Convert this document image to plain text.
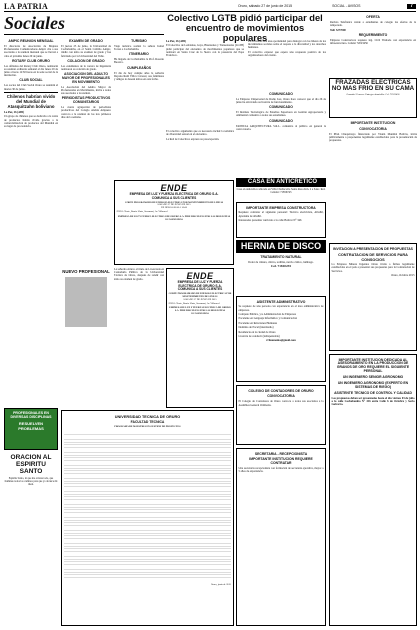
LA PATRIA	Oruro, sábado 27 de junio de 2015	SOCIAL - AVISOS	7
Sociales	Colectivo LGTB pidió participar del encuentro de movimientos populares
AMPIC REUNION MENSUAL

El directorio de Asociación de Mujeres Profesionales Comunicadoras Ampic cita a sus asociadas a la reunión mensual que se llevará a cabo el próximo lunes 29 de junio.

ROTARY CLUB ORURO

Los afiliados del Rotary Club Oruro, realizarán su reunión ordinaria semanal el día lunes 29 de junio a horas 12:30 horas en la sede social de la institución.

CLUB SOCIAL

Los socios del Club Social Oruro se reunirán el martes 30 de junio.

Chilenos habrían vivido del Mundial de Atasquitzahn boliviano

La Paz, 26 (ABI)

Un grupo de chilenos que se dedicaba a la venta de productos habría vivido gracias a la comercialización de productos del Mundial en su lugar de procedencia.

PROFESIONALES EN DIVERSAS DISCIPLINAS
RESUELVEN PROBLEMAS
ORACION AL ESPIRITU SANTO

Espíritu Santo, tú que me aclaras todo, que iluminas todos los caminos para que yo alcance mi ideal.

EXAMEN DE GRADO

El jueves 25 de junio, la Universidad de Cochabamba, en el Salón Cabildo Ampic, rindió con éxito su examen de grado y fue felicitado por la Universidad del Valle.

COLACION DE GRADO

Los estudiantes de la carrera de Ingeniería realizaron su colación de grado.

ASOCIACION DEL ADULTO MAYOR DE PROFESIONALES EN MOVIMIENTO

La Asociación del Adulto Mayor de Profesionales en Movimiento, invita a todos sus asociados a la reunión.

PERIODISTAS PRODUCTIVOS COMUNITARIOS

La cuarta agrupación de periodistas productivos del Colegio Andrés Ampuero convoca a la reunión de los tres primeros días de la semana.

TURISMO

Viaje turístico realizó la señora Isabel Torrez a Cochabamba.

ITINERARIO

Ha llegado de Cochabamba la Prof. Rosario Becerra.

CUMPLEAÑOS

El día de hoy cumple años la señorita Dayana Ruth Villca Cáceres; sus familiares y amigos le desean éxitos en esta fecha.

La Paz, 26 (ABI)

El Colectivo de Lesbianas, Gays, Bisexuales y Transexuales (LGTB) pidió participar del encuentro de movimientos populares que se realizará en Santa Cruz de la Sierra con la presencia del Papa Francisco.

La actividad será una oportunidad para dialogar con los líderes de los movimientos sociales sobre el respeto a la diversidad y los derechos humanos.

El colectivo expresó que espera una respuesta positiva de los organizadores del evento.

ENDE
EMPRESA DE LUZ Y FUERZA ELECTRICA DE ORURO S.A.
COMUNICA A SUS CLIENTES
CORTE PROGRAMADO DE ENERGIA ELECTRICA POR MANTENIMIENTO DE LINEAS
SABADO 27 DE JUNIO DE 2015
DE HORAS 08:30 A 16:00
ZONA: Norte, Barrio Vinto, Socamani, Av. Villarroel
EMPRESA DE LUZ Y FUERZA ELECTRICA DE ORURO S.A. PIDE DISCULPAS POR LAS MOLESTIAS OCASIONADAS
NUEVO PROFESIONAL	La señorita obtuvo el título de Licenciada en Contaduría Pública de la Universidad Técnica de Oruro, después de rendir con éxito su examen de grado.	ENDE
EMPRESA DE LUZ Y FUERZA ELECTRICA DE ORURO S.A.
COMUNICA A SUS CLIENTES
CORTE PROGRAMADO DE ENERGIA ELECTRICA POR MANTENIMIENTO DE LINEAS
SABADO 27 DE JUNIO DE 2015
ZONA: Norte, Barrio Vinto, Socamani, Av. Villarroel
EMPRESA DE LUZ Y FUERZA ELECTRICA DE ORURO S.A. PIDE DISCULPAS POR LAS MOLESTIAS OCASIONADAS
UNIVERSIDAD TECNICA DE ORURO
FACULTAD TECNICA
PROGRAMA DE MAESTRIA EN GESTION DE PROYECTOS
Oruro, junio de 2015
COMUNICADO

La Empresa Unipersonal de Radio Luz, Oruro hace conocer que el día 26 de junio ha extraviado su licencia de funcionamiento.

COMUNICADO

El Instituto Tecnológico de Estudios Superiores en Gestión Agropecuaria y Ambiental comunica a todos sus estudiantes.

COMUNICADO

FANNCIA ARQUITECTURA S.R.L. comunica al público en general la convocatoria.

CASA EN ANTICRETICO
Casa en anticrético ubicada en Villa Challacollo Santa Rosa Km. 2 a Sakc. Ref. Celular: 71856743
IMPORTANTE EMPRESA CONSTRUCTORA

Requiere contratar el siguiente personal: Técnico electricista, Albañil, Ayudante de albañil.

Interesados presentar currículo a la calle Bolívar N° 346

HERNIA DE DISCO
TRATAMIENTO NATURAL

Dolor de cintura, ciática, rodillas, nervio ciático, lumbago.

Cel. 71810235

ASISTENTE ADMINISTRATIVO

Se requiere de una persona con experiencia en el área administrativa de empresas.

Computo Público, y/o Administración de Empresas

Excelente en Lenguaje Informático y Comunicación

Excelente en Relaciones Humanas

Dominio de Excel (intermedio)

Residencia en la ciudad de Oruro

Licencia de conducir (indispensable)

rrhuamenta@gmail.com

COLEGIO DE CONTADORES DE ORURO
CONVOCATORIA

El Colegio de Contadores de Oruro convoca a todos sus asociados a la Asamblea General Ordinaria.

SECRETARIA - RECEPCIONISTA
IMPORTANTE INSTITUCION REQUIERE CONTRATAR

Una secretaria recepcionista con formación de secretaria ejecutiva, mayor a 5 años de experiencia.

OFERTA

Revista Telefónica vende a estudiantes de colegio las ofertas de la temporada.

Telf. 5277000

REQUERIMIENTO

Empresa Constructora requiere ing. Civil Titulado con experiencia en infraestructura. Celular 72023456

FRAZADAS ELECTRICAS NO MAS FRIO EN SU CAMA

Garantía 12 meses. Entrega a domicilio. Cel. 72523456

IMPORTANTE INSTITUCION
CONVOCATORIA

El PDA Chuquirrayo financiado por Visión Mundial Bolivia, invita públicamente a proponentes legalmente establecidos para la presentación de propuestas.

INVITACION A PRESENTACION DE PROPUESTAS
CONTRATACION DE SERVICIOS PARA CONSOCIOS

La Empresa Minera Ingenios Oruro invita a firmas legalmente establecidas en el país a presentar sus propuestas para la Contratación de Servicios.

Oruro, Octubre 2015

IMPORTANTE INSTITUCION DEDICADA AL ASESORAMIENTO EN LA PRODUCCION DE GRANOS DE ORO REQUIERE EL SIGUIENTE PERSONAL
UN INGENIERO SENIOR AGRONOMO
UN INGENIERO AGRONOMO (EXPERTO EN SISTEMAS DE RIEGO)
ASISTENTE TECNICO DE CONTROL Y CALIDAD

Las propuestas deben ser presentadas hasta el día viernes 03 de julio a la calle Cochabamba N° 416 entre Calle 6 de Octubre y Soria Galvarro.

El colectivo argumentó que es necesario incluir la temática de diversidad sexual en el encuentro.

La Red de Colectivos expresó su preocupación.
